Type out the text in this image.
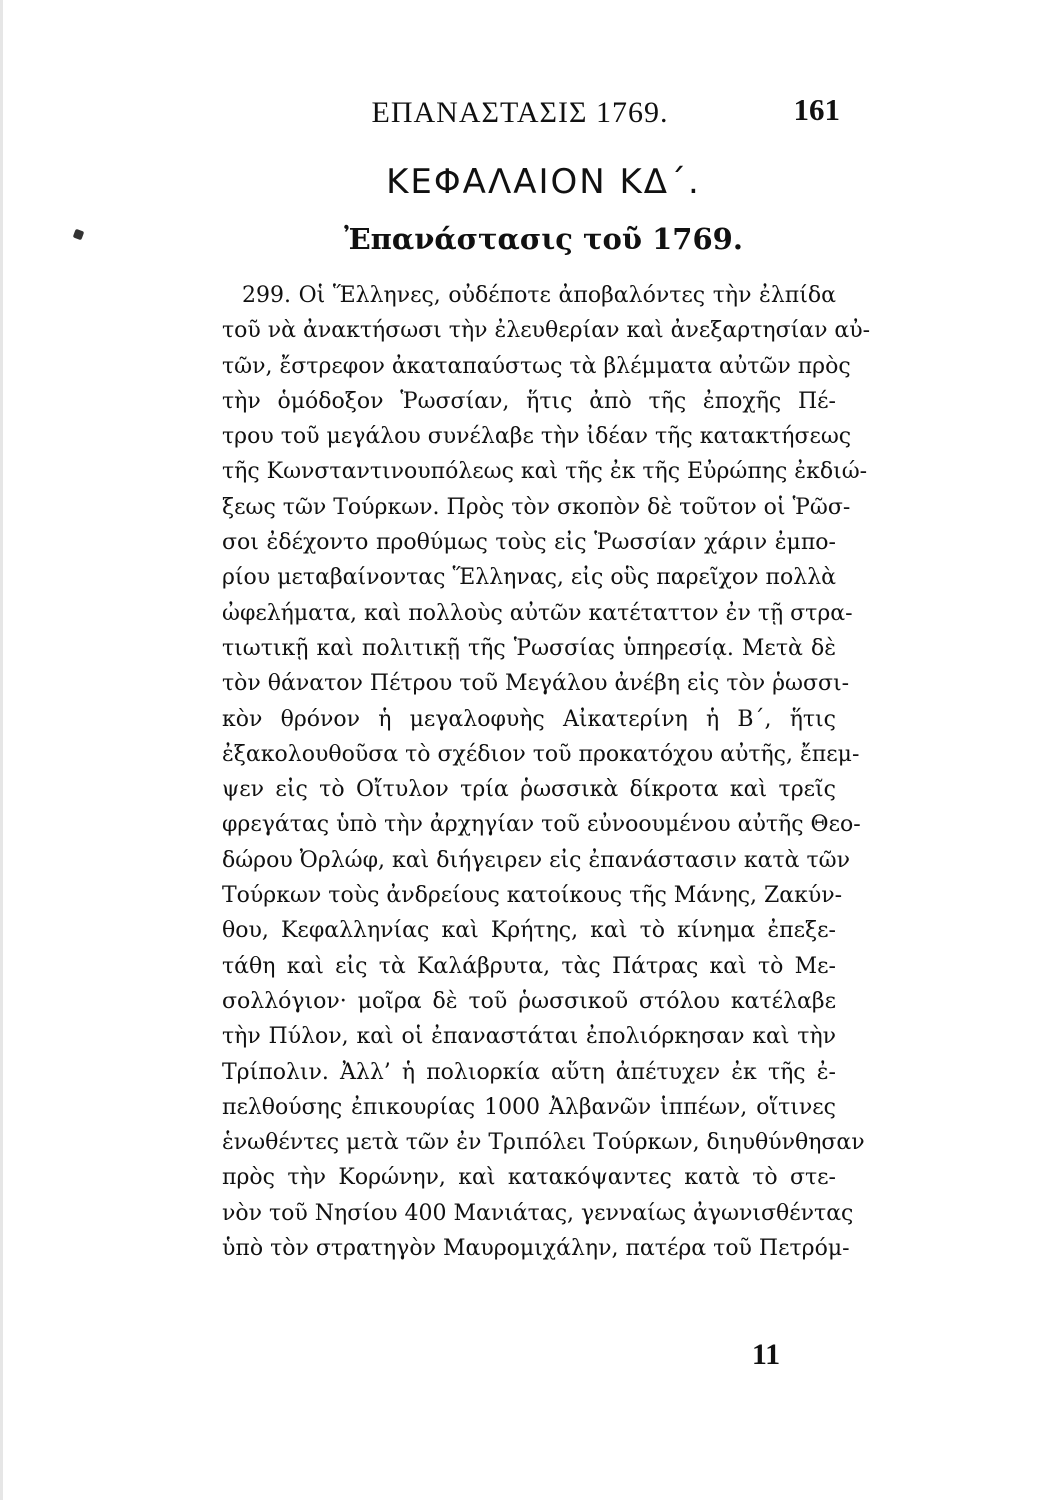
ΕΠΑΝΑΣΤΑΣΙΣ 1769.	161
ΚΕΦΑΛΑΙΟΝ ΚΔ΄.
Ἐπανάστασις τοῦ 1769.
299. Οἱ Ἕλληνες, οὐδέποτε ἀποβαλόντες τὴν ἐλπίδα
τοῦ νὰ ἀνακτήσωσι τὴν ἐλευθερίαν καὶ ἀνεξαρτησίαν αὐ-
τῶν, ἔστρεφον ἀκαταπαύστως τὰ βλέμματα αὐτῶν πρὸς
τὴν ὁμόδοξον Ῥωσσίαν, ἥτις ἀπὸ τῆς ἐποχῆς Πέ-
τρου τοῦ μεγάλου συνέλαβε τὴν ἰδέαν τῆς κατακτήσεως
τῆς Κωνσταντινουπόλεως καὶ τῆς ἐκ τῆς Εὐρώπης ἐκδιώ-
ξεως τῶν Τούρκων. Πρὸς τὸν σκοπὸν δὲ τοῦτον οἱ Ῥῶσ-
σοι ἐδέχοντο προθύμως τοὺς εἰς Ῥωσσίαν χάριν ἐμπο-
ρίου μεταβαίνοντας Ἕλληνας, εἰς οὓς παρεῖχον πολλὰ
ὠφελήματα, καὶ πολλοὺς αὐτῶν κατέταττον ἐν τῇ στρα-
τιωτικῇ καὶ πολιτικῇ τῆς Ῥωσσίας ὑπηρεσίᾳ. Μετὰ δὲ
τὸν θάνατον Πέτρου τοῦ Μεγάλου ἀνέβη εἰς τὸν ῥωσσι-
κὸν θρόνον ἡ μεγαλοφυὴς Αἰκατερίνη ἡ Β΄, ἥτις
ἐξακολουθοῦσα τὸ σχέδιον τοῦ προκατόχου αὐτῆς, ἔπεμ-
ψεν εἰς τὸ Οἴτυλον τρία ῥωσσικὰ δίκροτα καὶ τρεῖς
φρεγάτας ὑπὸ τὴν ἀρχηγίαν τοῦ εὐνοουμένου αὐτῆς Θεο-
δώρου Ὀρλώφ, καὶ διήγειρεν εἰς ἐπανάστασιν κατὰ τῶν
Τούρκων τοὺς ἀνδρείους κατοίκους τῆς Μάνης, Ζακύν-
θου, Κεφαλληνίας καὶ Κρήτης, καὶ τὸ κίνημα ἐπεξε-
τάθη καὶ εἰς τὰ Καλάβρυτα, τὰς Πάτρας καὶ τὸ Με-
σολλόγιον· μοῖρα δὲ τοῦ ῥωσσικοῦ στόλου κατέλαβε
τὴν Πύλον, καὶ οἱ ἐπαναστάται ἐπολιόρκησαν καὶ τὴν
Τρίπολιν. Ἀλλ’ ἡ πολιορκία αὕτη ἀπέτυχεν ἐκ τῆς ἐ-
πελθούσης ἐπικουρίας 1000 Ἀλβανῶν ἱππέων, οἵτινες
ἑνωθέντες μετὰ τῶν ἐν Τριπόλει Τούρκων, διηυθύνθησαν
πρὸς τὴν Κορώνην, καὶ κατακόψαντες κατὰ τὸ στε-
νὸν τοῦ Νησίου 400 Μανιάτας, γενναίως ἀγωνισθέντας
ὑπὸ τὸν στρατηγὸν Μαυρομιχάλην, πατέρα τοῦ Πετρόμ-
11
